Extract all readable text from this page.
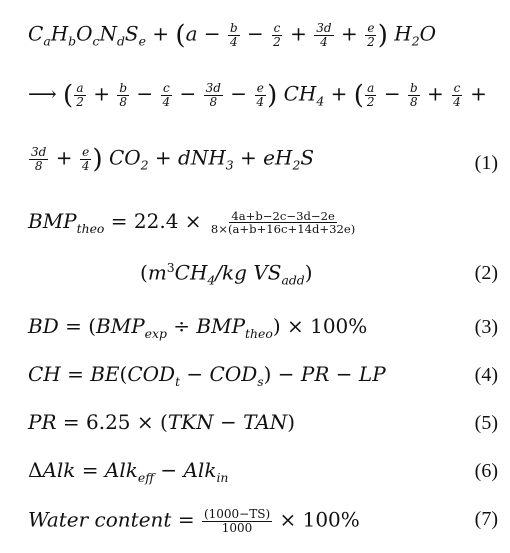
$C_aH_bO_cN_dS_e + (a - \frac{b}{4} - \frac{c}{2} + \frac{3d}{4} + \frac{e}{2}$ ) $H_2O$
⟶ ( $\frac{a}{2} + \frac{b}{8} - \frac{c}{4} - \frac{3d}{8} - \frac{e}{4}$ ) $CH_4$ + ( $\frac{a}{2} - \frac{b}{8} + \frac{c}{4}$ +
$\frac{3d}{8} + \frac{e}{4}$ ) $CO_2 + dNH_3 + eH_2S$	(1)
$BMP_{theo} = 22.4 \times \frac{4a+b-2c-3d-2e}{8\times(a+b+16c+14d+32e)}$
($m^3CH_4/kg$ $VS_{add}$)	(2)
BD = $(BMP_{exp} \div BMP_{theo}) \times 100\%$	(3)
CH = $BE(COD_t - COD_s)$ − PR − LP	(4)
PR = 6.25 × (TKN − TAN)	(5)
ΔAlk = Alk$_{eff}$ − Alk$_{in}$	(6)
Water content = $\frac{(1000-TS)}{1000} \times 100\%$	(7)
